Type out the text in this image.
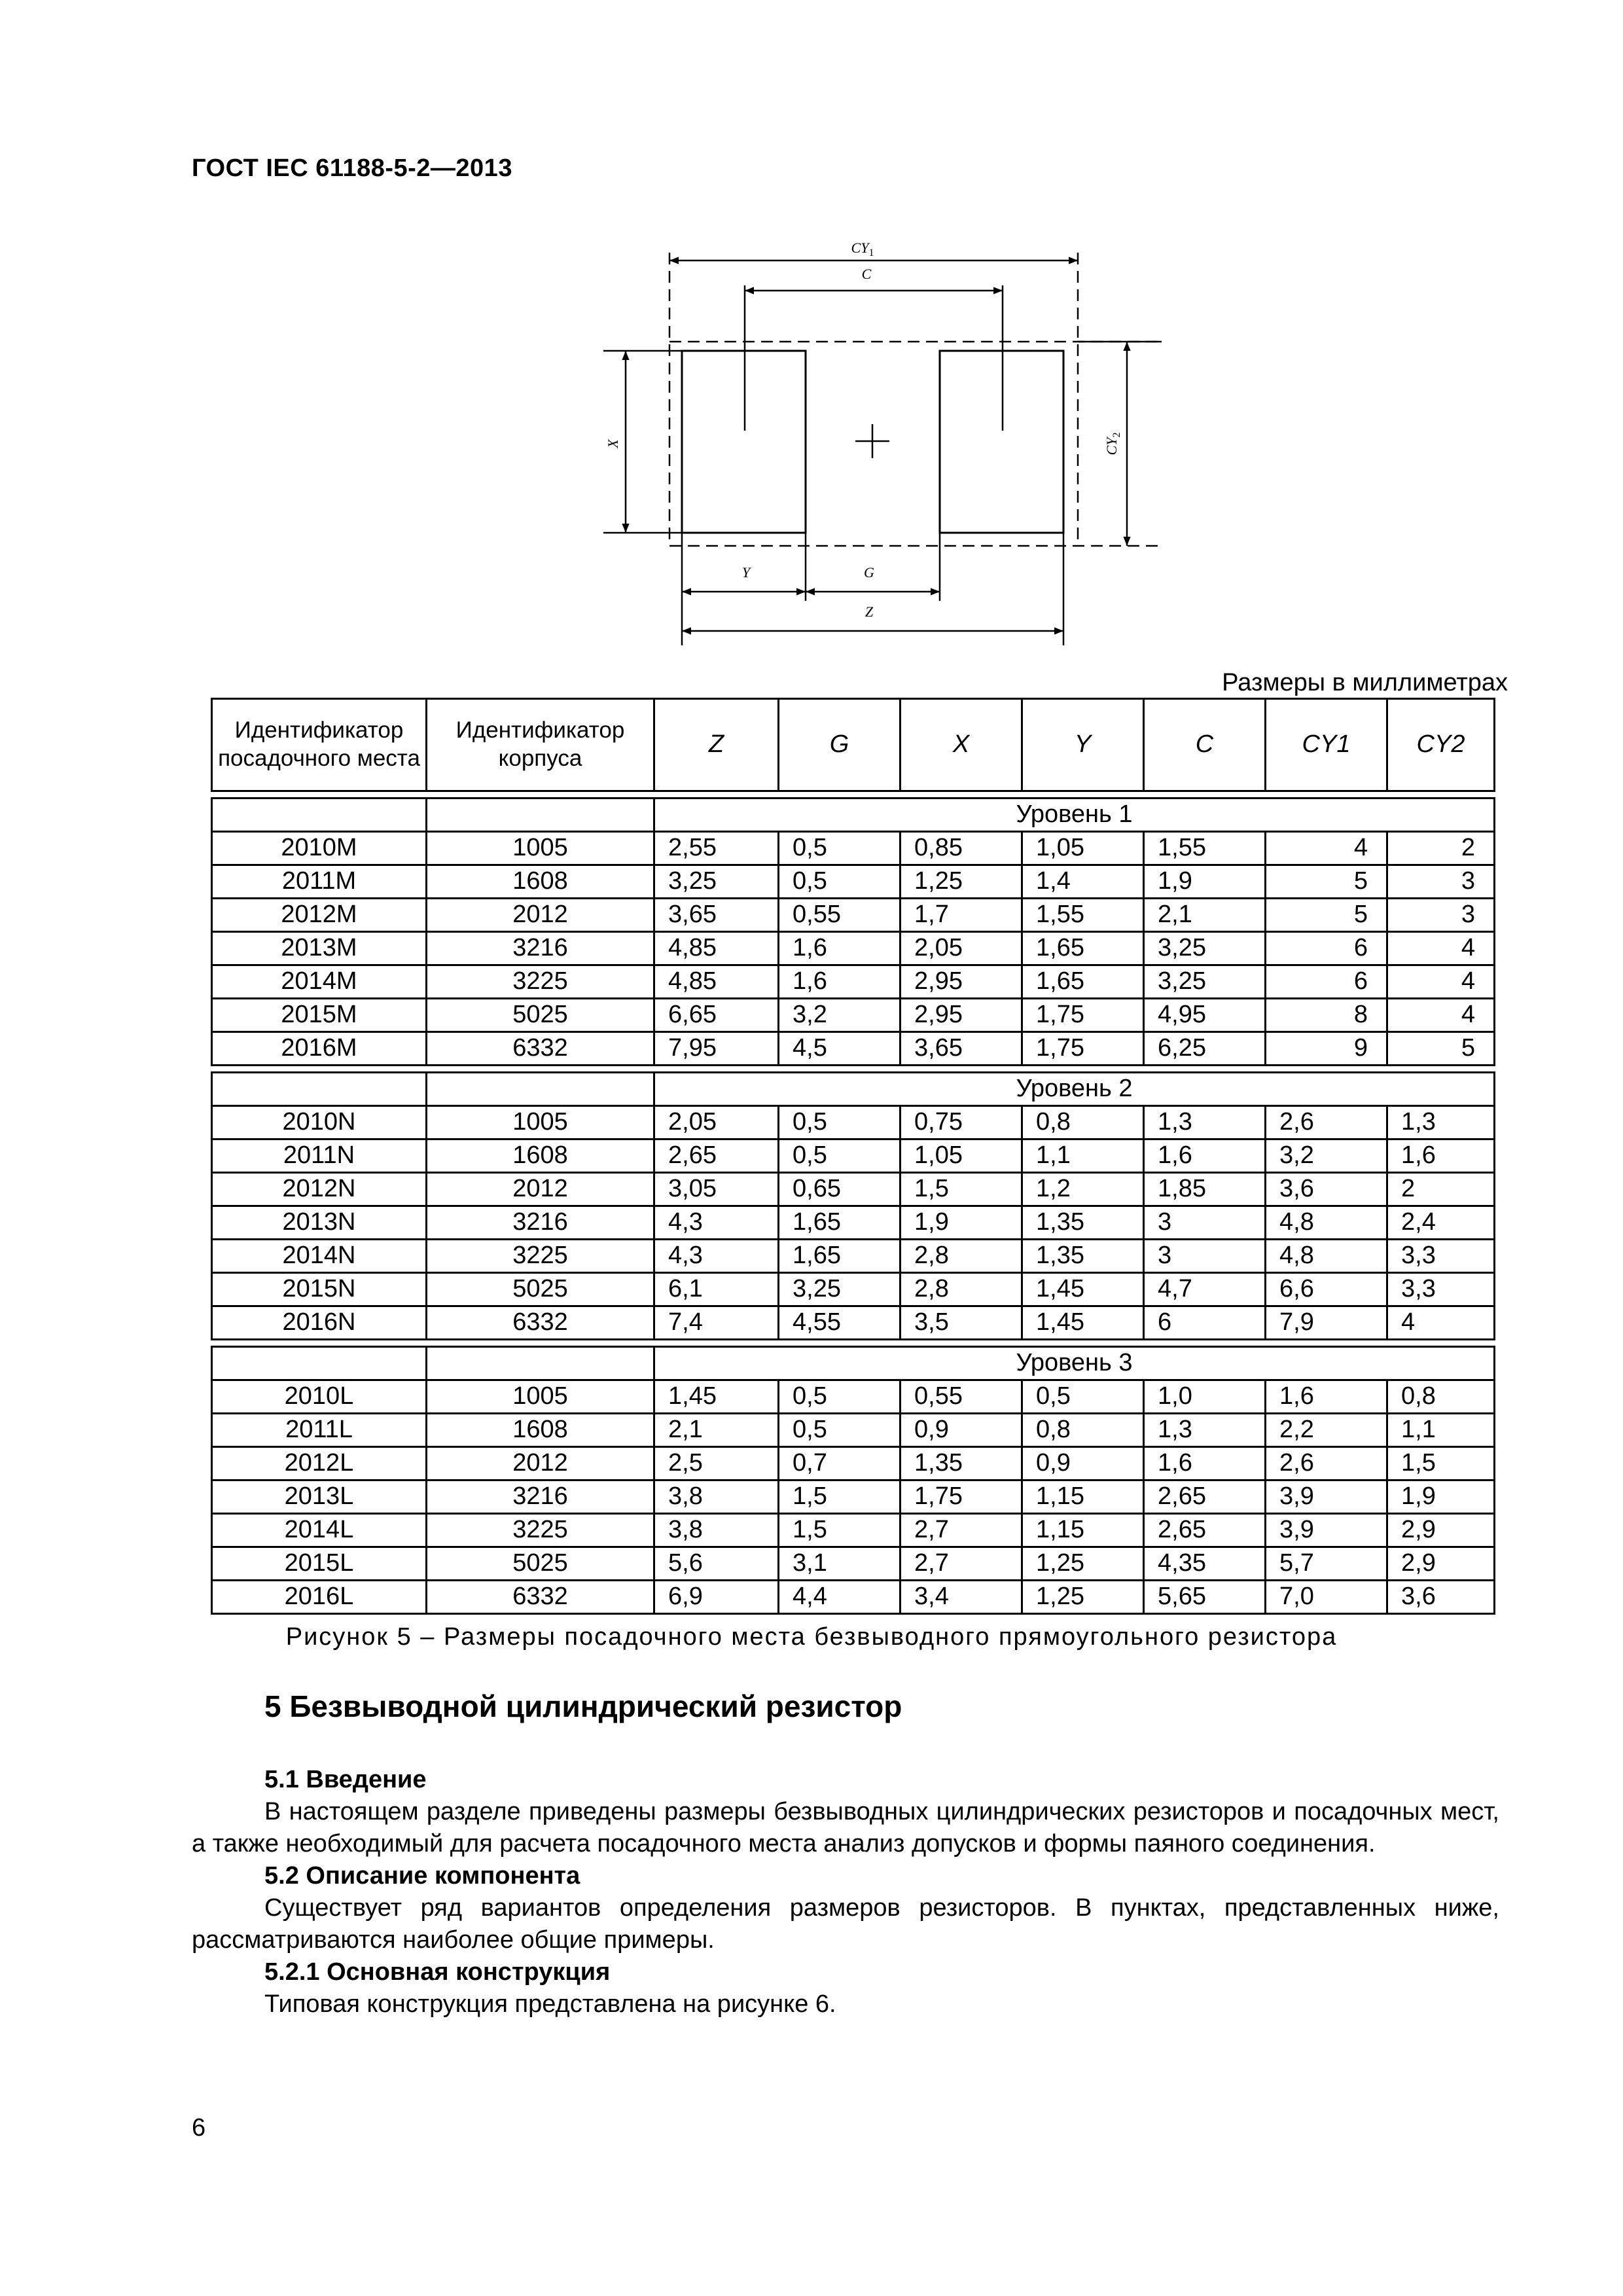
ГОСТ IEC 61188-5-2—2013
$CY_1$
C
X	$CY_2$
Y	G
Z
Размеры в миллиметрах
Идентификатор посадочного места	Идентификатор корпуса	Z	G	X	Y	C	CY1	CY2

		Уровень 1						
2010M	1005	2,55	0,5	0,85	1,05	1,55	4	2
2011M	1608	3,25	0,5	1,25	1,4	1,9	5	3
2012M	2012	3,65	0,55	1,7	1,55	2,1	5	3
2013M	3216	4,85	1,6	2,05	1,65	3,25	6	4
2014M	3225	4,85	1,6	2,95	1,65	3,25	6	4
2015M	5025	6,65	3,2	2,95	1,75	4,95	8	4
2016M	6332	7,95	4,5	3,65	1,75	6,25	9	5

		Уровень 2						
2010N	1005	2,05	0,5	0,75	0,8	1,3	2,6	1,3
2011N	1608	2,65	0,5	1,05	1,1	1,6	3,2	1,6
2012N	2012	3,05	0,65	1,5	1,2	1,85	3,6	2
2013N	3216	4,3	1,65	1,9	1,35	3	4,8	2,4
2014N	3225	4,3	1,65	2,8	1,35	3	4,8	3,3
2015N	5025	6,1	3,25	2,8	1,45	4,7	6,6	3,3
2016N	6332	7,4	4,55	3,5	1,45	6	7,9	4

		Уровень 3						
2010L	1005	1,45	0,5	0,55	0,5	1,0	1,6	0,8
2011L	1608	2,1	0,5	0,9	0,8	1,3	2,2	1,1
2012L	2012	2,5	0,7	1,35	0,9	1,6	2,6	1,5
2013L	3216	3,8	1,5	1,75	1,15	2,65	3,9	1,9
2014L	3225	3,8	1,5	2,7	1,15	2,65	3,9	2,9
2015L	5025	5,6	3,1	2,7	1,25	4,35	5,7	2,9
2016L	6332	6,9	4,4	3,4	1,25	5,65	7,0	3,6
Рисунок 5 – Размеры посадочного места безвыводного прямоугольного резистора
5 Безвыводной цилиндрический резистор
5.1 Введение
В настоящем разделе приведены размеры безвыводных цилиндрических резисторов и посадочных мест, а также необходимый для расчета посадочного места анализ допусков и формы паяного соединения.
5.2 Описание компонента
Существует ряд вариантов определения размеров резисторов. В пунктах, представленных ниже, рассматриваются наиболее общие примеры.
5.2.1 Основная конструкция
Типовая конструкция представлена на рисунке 6.
6
